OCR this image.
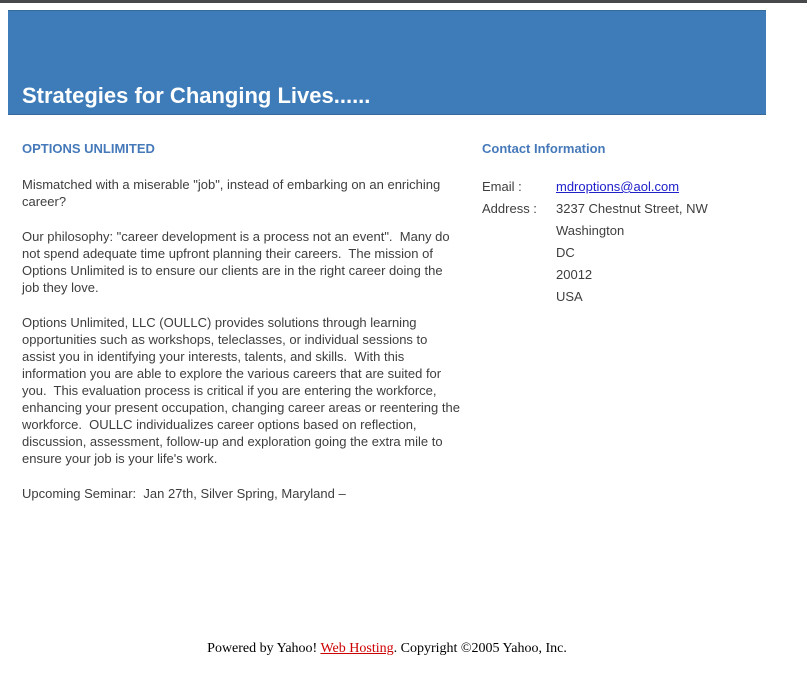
Strategies for Changing Lives......
OPTIONS UNLIMITED

Mismatched with a miserable "job", instead of embarking on an enriching career?

Our philosophy: "career development is a process not an event".  Many do not spend adequate time upfront planning their careers.  The mission of Options Unlimited is to ensure our clients are in the right career doing the job they love.

Options Unlimited, LLC (OULLC) provides solutions through learning opportunities such as workshops, teleclasses, or individual sessions to assist you in identifying your interests, talents, and skills.  With this information you are able to explore the various careers that are suited for you.  This evaluation process is critical if you are entering the workforce, enhancing your present occupation, changing career areas or reentering the workforce.  OULLC individualizes career options based on reflection, discussion, assessment, follow-up and exploration going the extra mile to ensure your job is your life's work.

Upcoming Seminar:  Jan 27th, Silver Spring, Maryland –

Contact Information
Email :	mdroptions@aol.com
Address :	3237 Chestnut Street, NW
Washington
DC
20012
USA
Powered by Yahoo! Web Hosting. Copyright ©2005 Yahoo, Inc.
